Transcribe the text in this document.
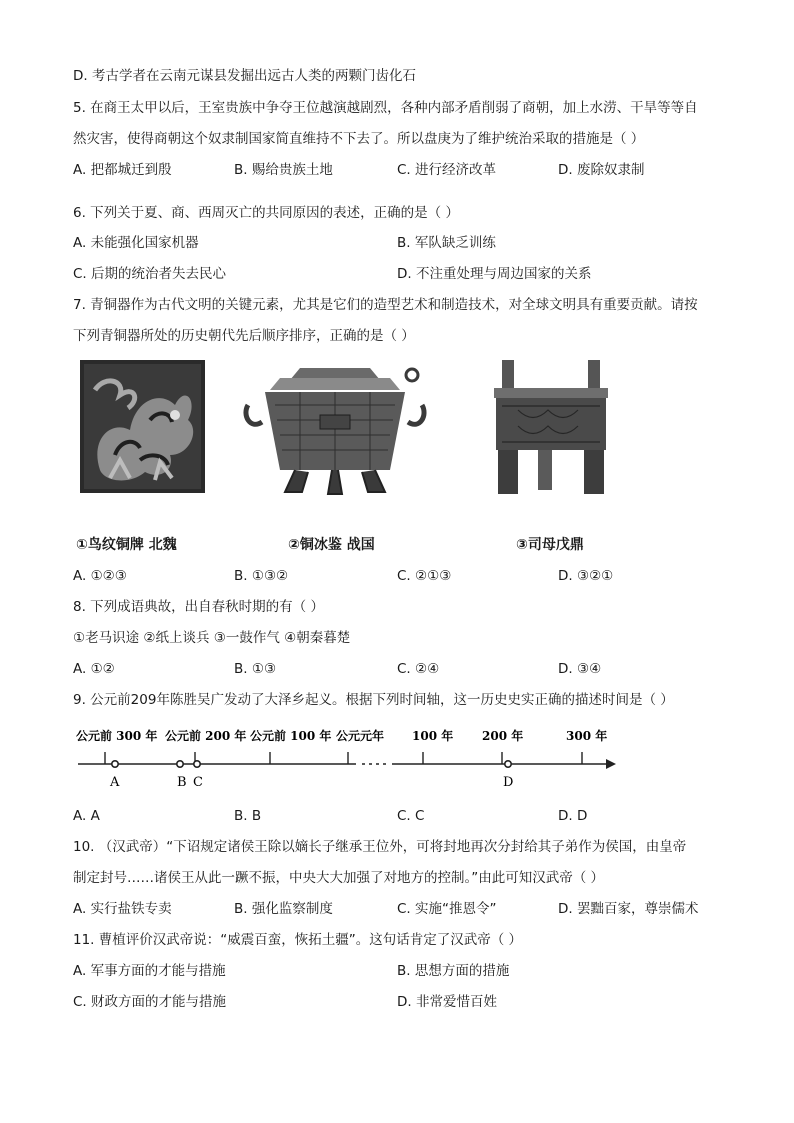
D. 考古学者在云南元谋县发掘出远古人类的两颗门齿化石
5. 在商王太甲以后，王室贵族中争夺王位越演越剧烈，各种内部矛盾削弱了商朝，加上水涝、干旱等等自
然灾害，使得商朝这个奴隶制国家简直维持不下去了。所以盘庚为了维护统治采取的措施是（ ）
A. 把都城迁到殷	B. 赐给贵族土地	C. 进行经济改革	D. 废除奴隶制
6. 下列关于夏、商、西周灭亡的共同原因的表述，正确的是（ ）
A. 未能强化国家机器	B. 军队缺乏训练
C. 后期的统治者失去民心	D. 不注重处理与周边国家的关系
7. 青铜器作为古代文明的关键元素，尤其是它们的造型艺术和制造技术，对全球文明具有重要贡献。请按
下列青铜器所处的历史朝代先后顺序排序，正确的是（ ）
①鸟纹铜牌 北魏	②铜冰鉴 战国	③司母戊鼎
A. ①②③	B. ①③②	C. ②①③	D. ③②①
8. 下列成语典故，出自春秋时期的有（ ）
①老马识途 ②纸上谈兵 ③一鼓作气 ④朝秦暮楚
A. ①②	B. ①③	C. ②④	D. ③④
9. 公元前209年陈胜吴广发动了大泽乡起义。根据下列时间轴，这一历史史实正确的描述时间是（ ）
公元前 300 年 公元前 200 年 公元前 100 年 公元元年 100 年 200 年	300 年
A	B C	D
A. A	B. B	C. C	D. D
10. （汉武帝）“下诏规定诸侯王除以嫡长子继承王位外，可将封地再次分封给其子弟作为侯国，由皇帝
制定封号……诸侯王从此一蹶不振，中央大大加强了对地方的控制。”由此可知汉武帝（ ）
A. 实行盐铁专卖	B. 强化监察制度	C. 实施“推恩令”	D. 罢黜百家，尊崇儒术
11. 曹植评价汉武帝说：“威震百蛮，恢拓土疆”。这句话肯定了汉武帝（ ）
A. 军事方面的才能与措施	B. 思想方面的措施
C. 财政方面的才能与措施	D. 非常爱惜百姓
